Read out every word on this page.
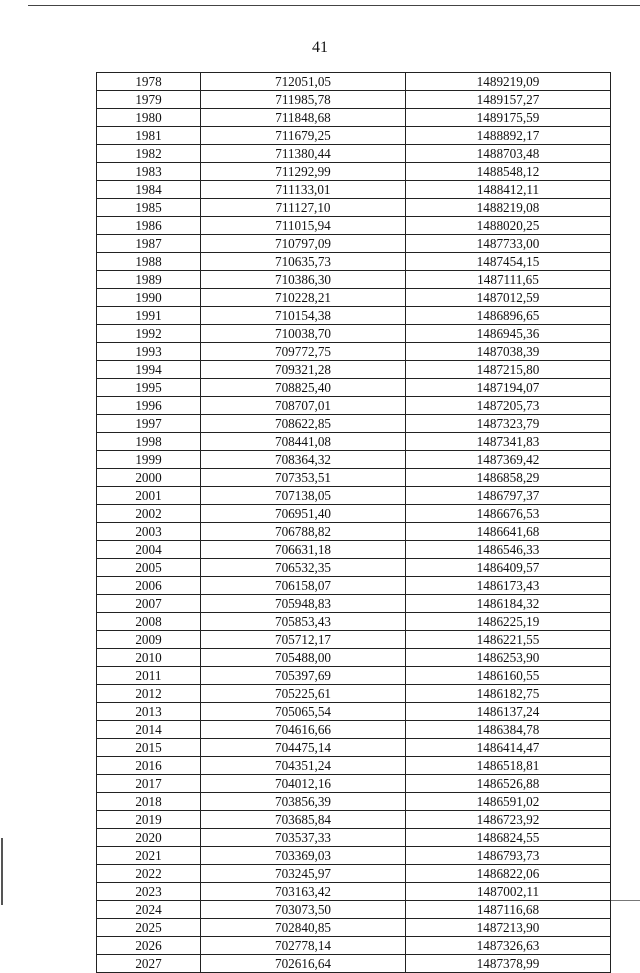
41
1978	712051,05	1489219,09
1979	711985,78	1489157,27
1980	711848,68	1489175,59
1981	711679,25	1488892,17
1982	711380,44	1488703,48
1983	711292,99	1488548,12
1984	711133,01	1488412,11
1985	711127,10	1488219,08
1986	711015,94	1488020,25
1987	710797,09	1487733,00
1988	710635,73	1487454,15
1989	710386,30	1487111,65
1990	710228,21	1487012,59
1991	710154,38	1486896,65
1992	710038,70	1486945,36
1993	709772,75	1487038,39
1994	709321,28	1487215,80
1995	708825,40	1487194,07
1996	708707,01	1487205,73
1997	708622,85	1487323,79
1998	708441,08	1487341,83
1999	708364,32	1487369,42
2000	707353,51	1486858,29
2001	707138,05	1486797,37
2002	706951,40	1486676,53
2003	706788,82	1486641,68
2004	706631,18	1486546,33
2005	706532,35	1486409,57
2006	706158,07	1486173,43
2007	705948,83	1486184,32
2008	705853,43	1486225,19
2009	705712,17	1486221,55
2010	705488,00	1486253,90
2011	705397,69	1486160,55
2012	705225,61	1486182,75
2013	705065,54	1486137,24
2014	704616,66	1486384,78
2015	704475,14	1486414,47
2016	704351,24	1486518,81
2017	704012,16	1486526,88
2018	703856,39	1486591,02
2019	703685,84	1486723,92
2020	703537,33	1486824,55
2021	703369,03	1486793,73
2022	703245,97	1486822,06
2023	703163,42	1487002,11
2024	703073,50	1487116,68
2025	702840,85	1487213,90
2026	702778,14	1487326,63
2027	702616,64	1487378,99
